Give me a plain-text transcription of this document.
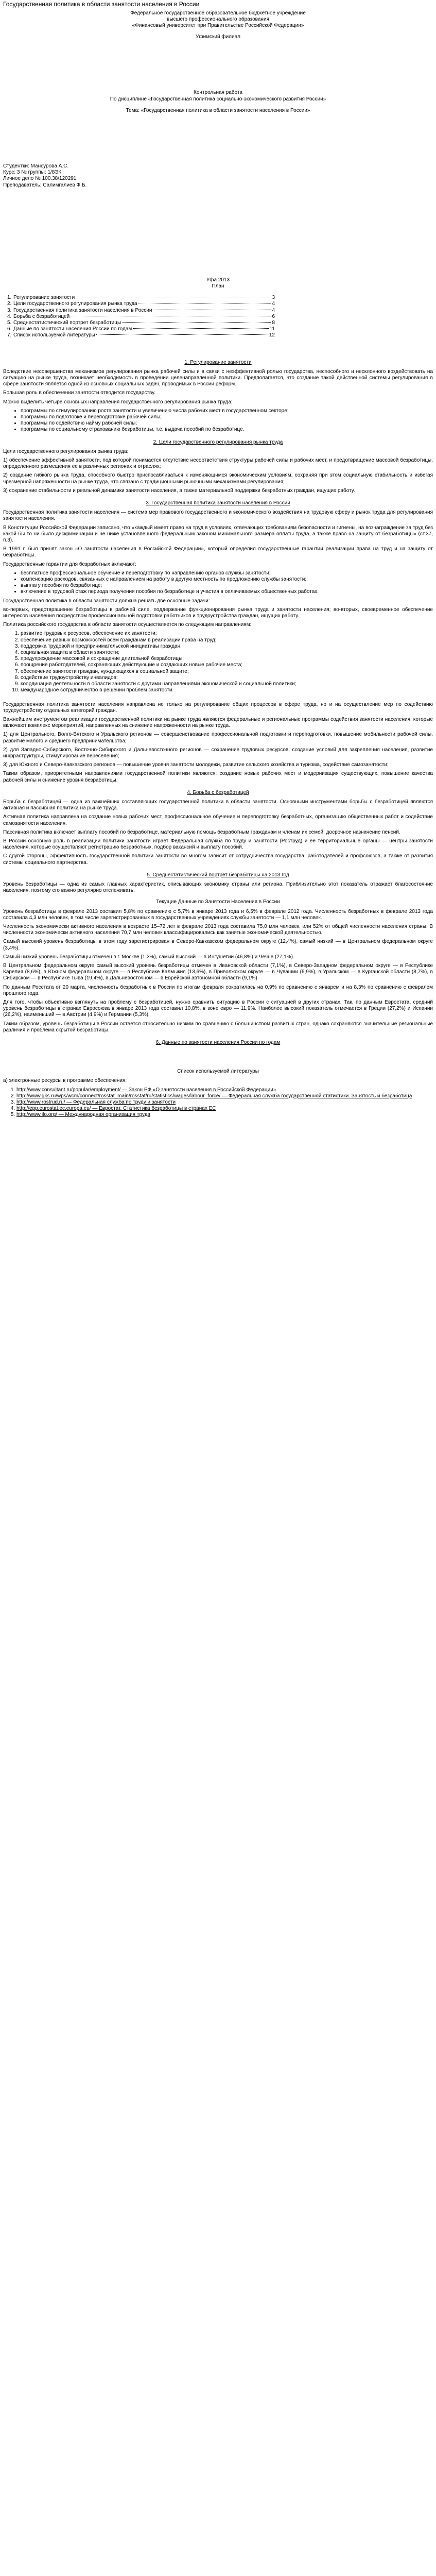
Государственная политика в области занятости населения в России
Федеральное государственное образовательное бюджетное учреждение
высшего профессионального образования
«Финансовый университет при Правительстве Российской Федерации»
Уфимский филиал
Контрольная работа
По дисциплине «Государственная политика социально-экономического развития России»
Тема: «Государственная политика в области занятости населения в России»
Студентки: Мансурова А.С.
Курс: 3 № группы: 1/8ЭК
Личное дело № 100.38/120291
Преподаватель: Салимгалиев Ф.Б.
Уфа 2013
План
1. Регулирование занятости	3
2. Цели государственного регулирования рынка труда	4
3. Государственная политика занятости населения в России	4
4. Борьба с безработицей	6
5. Среднестатистический портрет безработицы	8
6. Данные по занятости населения России по годам	11
7. Список используемой литературы	12
1. Регулирование занятости
Вследствие несовершенства механизмов регулирования рынка рабочей силы и в связи с неэффективной ролью государства, неспособного и несклонного воздействовать на ситуацию на рынке труда, возникает необходимость в проведении целенаправленной политики. Предполагается, что создание такой действенной системы регулирования в сфере занятости является одной из основных социальных задач, проводимых в России реформ.
Большая роль в обеспечении занятости отводится государству.
Можно выделить четыре основных направления государственного регулирования рынка труда:
• программы по стимулированию роста занятости и увеличению числа рабочих мест в государственном секторе;
• программы по подготовке и переподготовке рабочей силы;
• программы по содействию найму рабочей силы;
• программы по социальному страхованию безработицы, т.е. выдача пособий по безработице.
2. Цели государственного регулирования рынка труда
Цели государственного регулирования рынка труда:
1) обеспечение эффективной занятости, под которой понимается отсутствие несоответствия структуры рабочей силы и рабочих мест, и предотвращение массовой безработицы, определенного размещения ее в различных регионах и отраслях;
2) создание гибкого рынка труда, способного быстро приспосабливаться к изменяющимся экономическим условиям, сохраняя при этом социальную стабильность и избегая чрезмерной напряженности на рынке труда, что связано с традиционными рыночными механизмами регулирования;
3) сохранение стабильности и реальной динамики занятости населения, а также материальной поддержки безработных граждан, ищущих работу.
3. Государственная политика занятости населения в России
Государственная политика занятости населения — система мер правового государственного и экономического воздействия на трудовую сферу и рынок труда для регулирования занятости населения.
В Конституции Российской Федерации записано, что «каждый имеет право на труд в условиях, отвечающих требованиям безопасности и гигиены, на вознаграждение за труд без какой бы то ни было дискриминации и не ниже установленного федеральным законом минимального размера оплаты труда, а также право на защиту от безработицы» (ст.37, п.3).
В 1991 г. был принят закон «О занятости населения в Российской Федерации», который определил государственные гарантии реализации права на труд и на защиту от безработицы.
Государственные гарантии для безработных включают:
• бесплатное профессиональное обучение и переподготовку по направлению органов службы занятости;
• компенсацию расходов, связанных с направлением на работу в другую местность по предложению службы занятости;
• выплату пособия по безработице;
• включение в трудовой стаж периода получения пособия по безработице и участия в оплачиваемых общественных работах.
Государственная политика в области занятости должна решать две основные задачи:
во-первых, предотвращение безработицы в рабочей силе, поддержание функционирования рынка труда и занятости населения; во-вторых, своевременное обеспечение интересов населения посредством профессиональной подготовки работников и трудоустройства граждан, ищущих работу.
Политика российского государства в области занятости осуществляется по следующим направлениям:
1. развитие трудовых ресурсов, обеспечение их занятости;
2. обеспечение равных возможностей всем гражданам в реализации права на труд;
3. поддержка трудовой и предпринимательской инициативы граждан;
4. социальная защита в области занятости;
5. предупреждение массовой и сокращение длительной безработицы;
6. поощрение работодателей, сохраняющих действующие и создающих новые рабочие места;
7. обеспечение занятости граждан, нуждающихся в социальной защите;
8. содействие трудоустройству инвалидов;
9. координация деятельности в области занятости с другими направлениями экономической и социальной политики;
10. международное сотрудничество в решении проблем занятости.
Государственная политика занятости населения направлена не только на регулирование общих процессов в сфере труда, но и на осуществление мер по содействию трудоустройству отдельных категорий граждан.
Важнейшим инструментом реализации государственной политики на рынке труда являются федеральные и региональные программы содействия занятости населения, которые включают комплекс мероприятий, направленных на снижение напряженности на рынке труда.
1) для Центрального, Волго-Вятского и Уральского регионов — совершенствование профессиональной подготовки и переподготовки, повышение мобильности рабочей силы, развитие малого и среднего предпринимательства;
2) для Западно-Сибирского, Восточно-Сибирского и Дальневосточного регионов — сохранение трудовых ресурсов, создание условий для закрепления населения, развитие инфраструктуры, стимулирование переселения;
3) для Южного и Северо-Кавказского регионов — повышение уровня занятости молодежи, развитие сельского хозяйства и туризма, содействие самозанятости;
Таким образом, приоритетными направлениями государственной политики являются: создание новых рабочих мест и модернизация существующих, повышение качества рабочей силы и снижение уровня безработицы.
4. Борьба с безработицей
Борьба с безработицей — одна из важнейших составляющих государственной политики в области занятости. Основными инструментами борьбы с безработицей являются активная и пассивная политика на рынке труда.
Активная политика направлена на создание новых рабочих мест, профессиональное обучение и переподготовку безработных, организацию общественных работ и содействие самозанятости населения.
Пассивная политика включает выплату пособий по безработице, материальную помощь безработным гражданам и членам их семей, досрочное назначение пенсий.
В России основную роль в реализации политики занятости играет Федеральная служба по труду и занятости (Роструд) и ее территориальные органы — центры занятости населения, которые осуществляют регистрацию безработных, подбор вакансий и выплату пособий.
С другой стороны, эффективность государственной политики занятости во многом зависит от сотрудничества государства, работодателей и профсоюзов, а также от развития системы социального партнерства.
5. Среднестатистический портрет безработицы на 2013 год
Уровень безработицы — одна из самых главных характеристик, описывающих экономику страны или региона. Приблизительно этот показатель отражает благосостояние населения, поэтому его важно регулярно отслеживать.
Текущие Данные по Занятости Населения в России
Уровень безработицы в феврале 2013 составил 5,8% по сравнению с 5,7% в январе 2013 года и 6,5% в феврале 2012 года. Численность безработных в феврале 2013 года составила 4,3 млн человек, в том числе зарегистрированных в государственных учреждениях службы занятости — 1,1 млн человек.
Численность экономически активного населения в возрасте 15–72 лет в феврале 2013 года составила 75,0 млн человек, или 52% от общей численности населения страны. В численности экономически активного населения 70,7 млн человек классифицировались как занятые экономической деятельностью.
Самый высокий уровень безработицы в этом году зарегистрирован в Северо-Кавказском федеральном округе (12,4%), самый низкий — в Центральном федеральном округе (3,4%).
Самый низкий уровень безработицы отмечен в г. Москве (1,3%), самый высокий — в Ингушетии (46,8%) и Чечне (27,1%).
В Центральном федеральном округе самый высокий уровень безработицы отмечен в Ивановской области (7,1%), в Северо-Западном федеральном округе — в Республике Карелия (8,6%), в Южном федеральном округе — в Республике Калмыкия (13,6%), в Приволжском округе — в Чувашии (6,9%), в Уральском — в Курганской области (8,7%), в Сибирском — в Республике Тыва (19,4%), в Дальневосточном — в Еврейской автономной области (9,1%).
По данным Росстата от 20 марта, численность безработных в России по итогам февраля сократилась на 0,9% по сравнению с январем и на 8,3% по сравнению с февралем прошлого года.
Для того, чтобы объективно взглянуть на проблему с безработицей, нужно сравнить ситуацию в России с ситуацией в других странах. Так, по данным Евростата, средний уровень безработицы в странах Евросоюза в январе 2013 года составил 10,8%, в зоне евро — 11,9%. Наиболее высокий показатель отмечается в Греции (27,2%) и Испании (26,2%), наименьший — в Австрии (4,9%) и Германии (5,3%).
Таким образом, уровень безработицы в России остается относительно низким по сравнению с большинством развитых стран, однако сохраняются значительные региональные различия и проблема скрытой безработицы.
6. Данные по занятости населения России по годам
Список используемой литературы
а) электронные ресурсы в программе обеспечения:
1. http://www.consultant.ru/popular/employment/ — Закон РФ «О занятости населения в Российской Федерации»
2. http://www.gks.ru/wps/wcm/connect/rosstat_main/rosstat/ru/statistics/wages/labour_force/ — Федеральная служба государственной статистики. Занятость и безработица
3. http://www.rostrud.ru/ — Федеральная служба по труду и занятости
4. http://epp.eurostat.ec.europa.eu/ — Евростат. Статистика безработицы в странах ЕС
5. http://www.ilo.org/ — Международная организация труда
